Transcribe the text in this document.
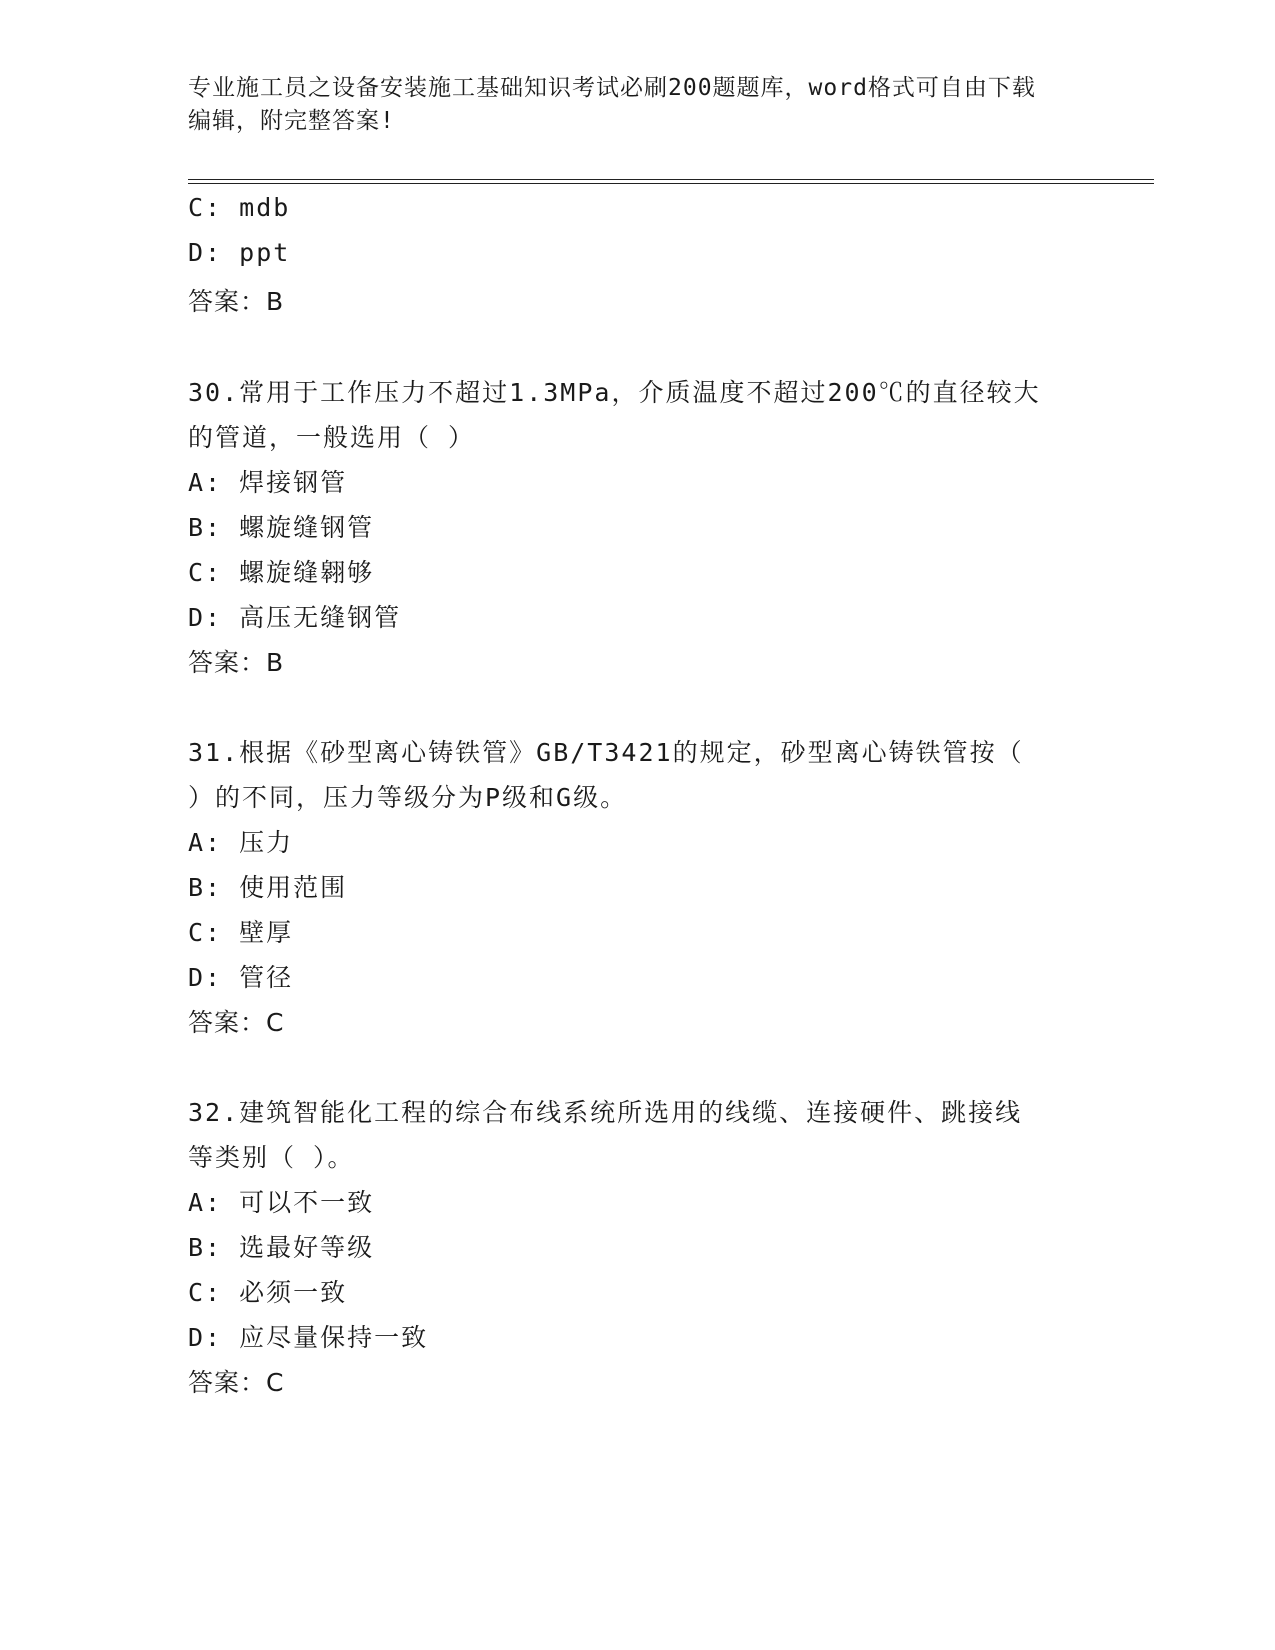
专业施工员之设备安装施工基础知识考试必刷200题题库，word格式可自由下载
编辑，附完整答案!
C: mdb
D: ppt
答案：B
30.常用于工作压力不超过1.3MPa，介质温度不超过200℃的直径较大
的管道，一般选用（ ）
A: 焊接钢管
B: 螺旋缝钢管
C: 螺旋缝翱够
D: 高压无缝钢管
答案：B
31.根据《砂型离心铸铁管》GB/T3421的规定，砂型离心铸铁管按（
）的不同，压力等级分为P级和G级。
A: 压力
B: 使用范围
C: 壁厚
D: 管径
答案：C
32.建筑智能化工程的综合布线系统所选用的线缆、连接硬件、跳接线
等类别（ ）。
A: 可以不一致
B: 选最好等级
C: 必须一致
D: 应尽量保持一致
答案：C
